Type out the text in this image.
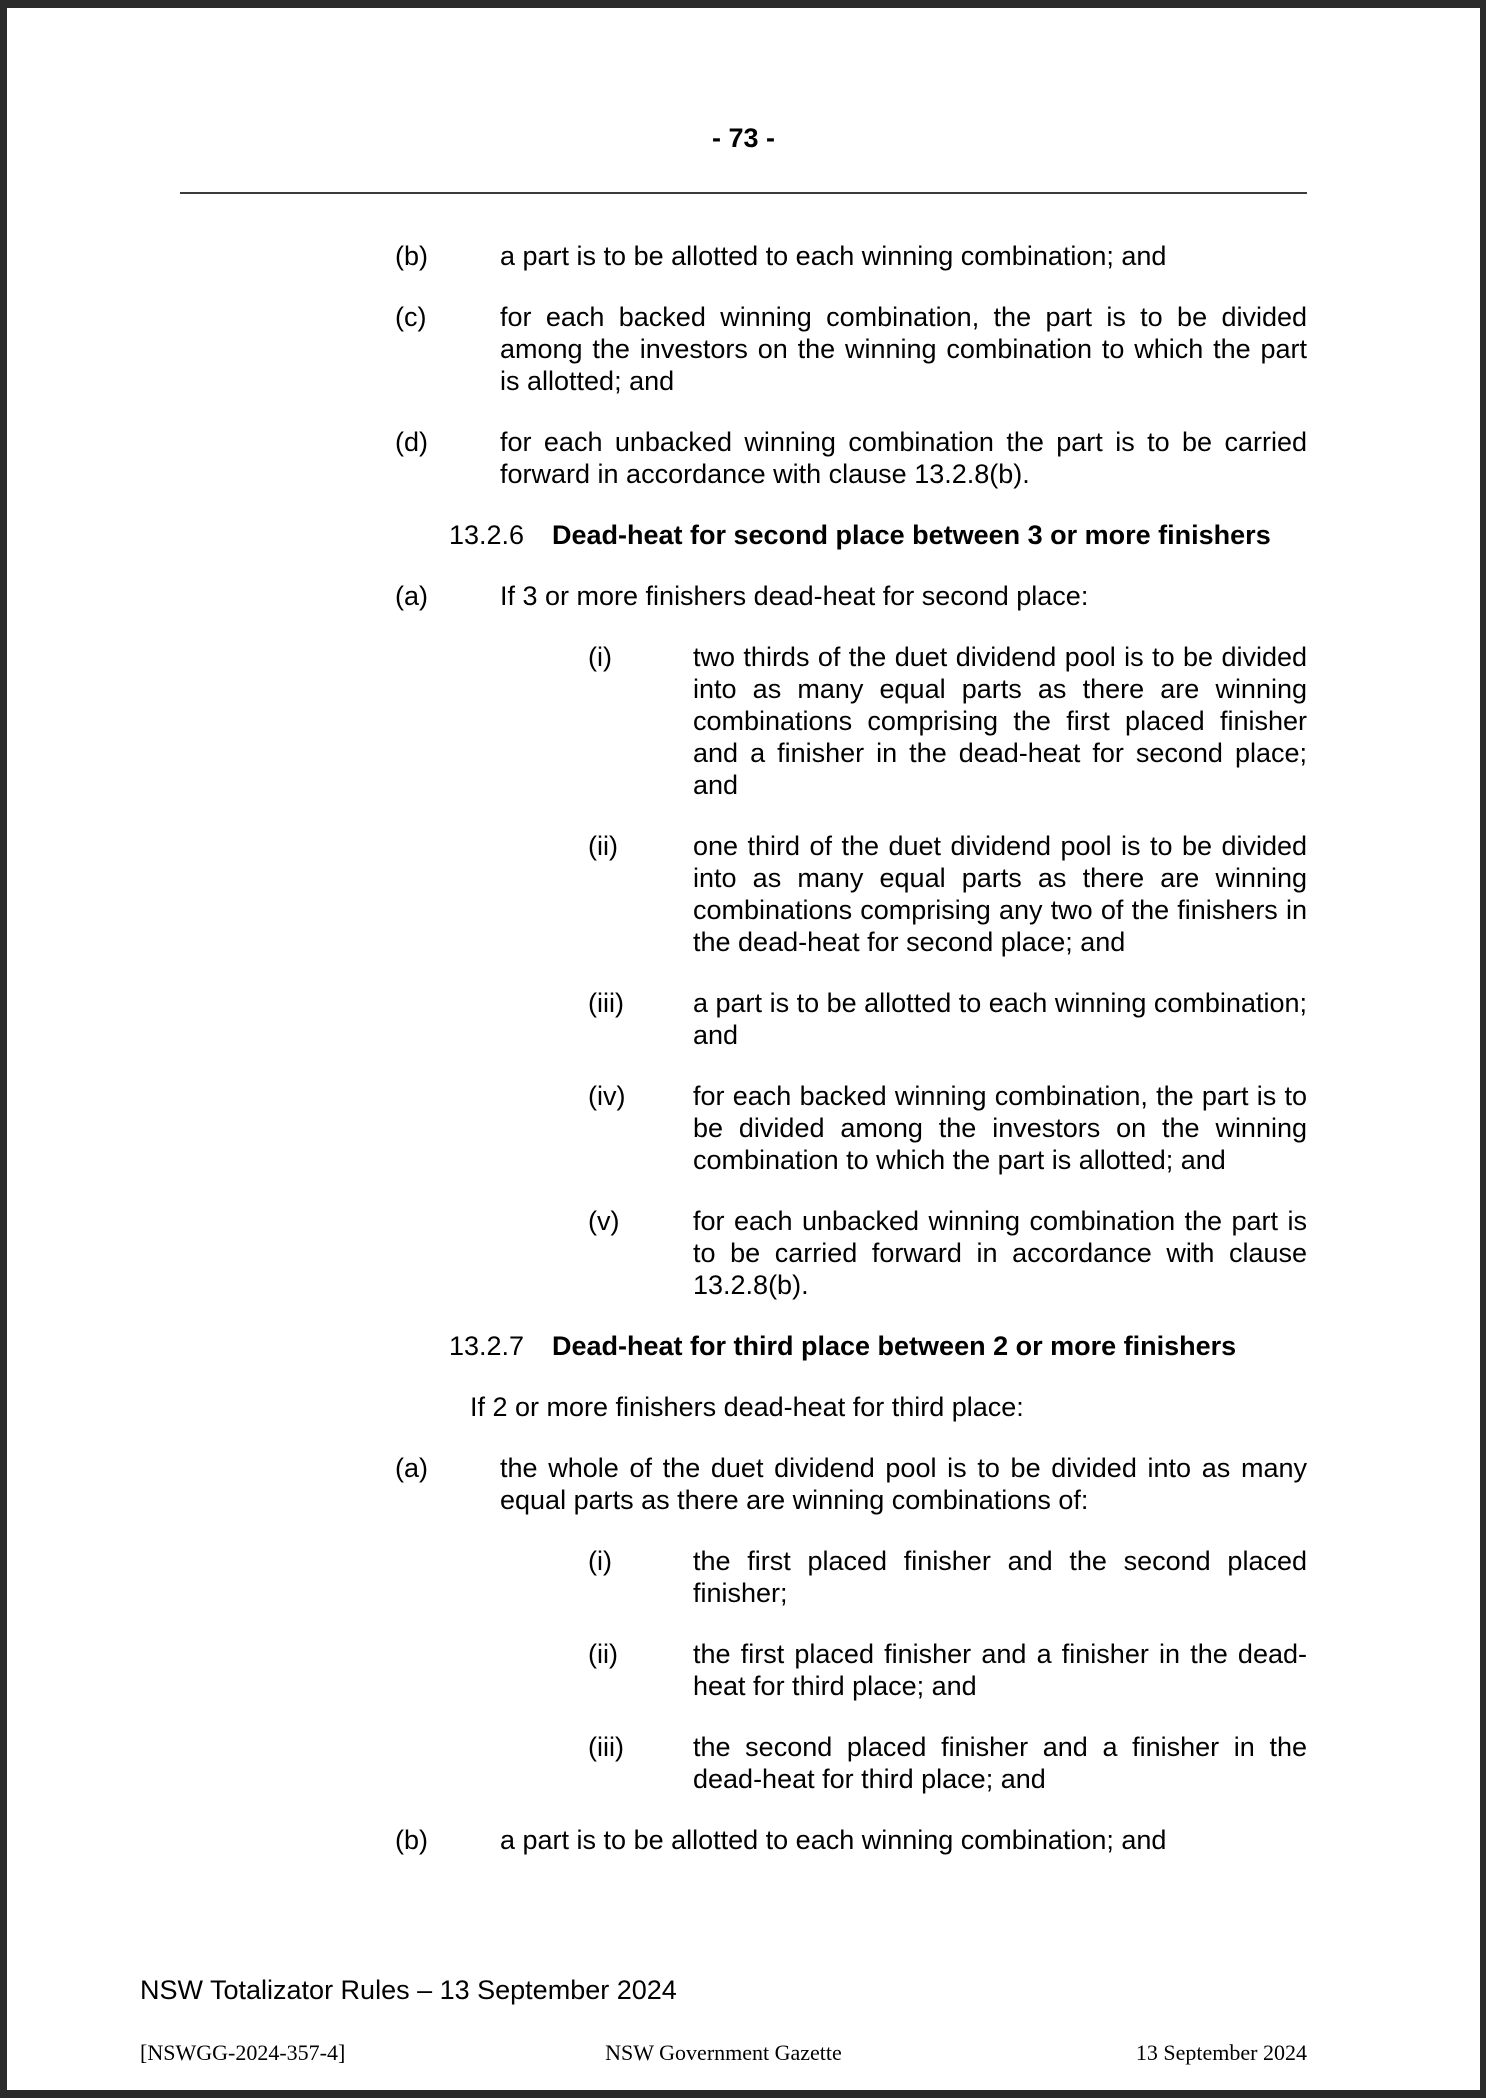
- 73 -
(b)	a part is to be allotted to each winning combination; and
(c)	for each backed winning combination, the part is to be divided among the investors on the winning combination to which the part is allotted; and
(d)	for each unbacked winning combination the part is to be carried forward in accordance with clause 13.2.8(b).
13.2.6	Dead-heat for second place between 3 or more finishers
(a)	If 3 or more finishers dead-heat for second place:
(i)	two thirds of the duet dividend pool is to be divided into as many equal parts as there are winning combinations comprising the first placed finisher and a finisher in the dead-heat for second place; and
(ii)	one third of the duet dividend pool is to be divided into as many equal parts as there are winning combinations comprising any two of the finishers in the dead-heat for second place; and
(iii)	a part is to be allotted to each winning combination; and
(iv)	for each backed winning combination, the part is to be divided among the investors on the winning combination to which the part is allotted; and
(v)	for each unbacked winning combination the part is to be carried forward in accordance with clause 13.2.8(b).
13.2.7	Dead-heat for third place between 2 or more finishers
If 2 or more finishers dead-heat for third place:
(a)	the whole of the duet dividend pool is to be divided into as many equal parts as there are winning combinations of:
(i)	the first placed finisher and the second placed finisher;
(ii)	the first placed finisher and a finisher in the dead-heat for third place; and
(iii)	the second placed finisher and a finisher in the dead-heat for third place; and
(b)	a part is to be allotted to each winning combination; and
NSW Totalizator Rules – 13 September 2024
[NSWGG-2024-357-4]	NSW Government Gazette	13 September 2024
